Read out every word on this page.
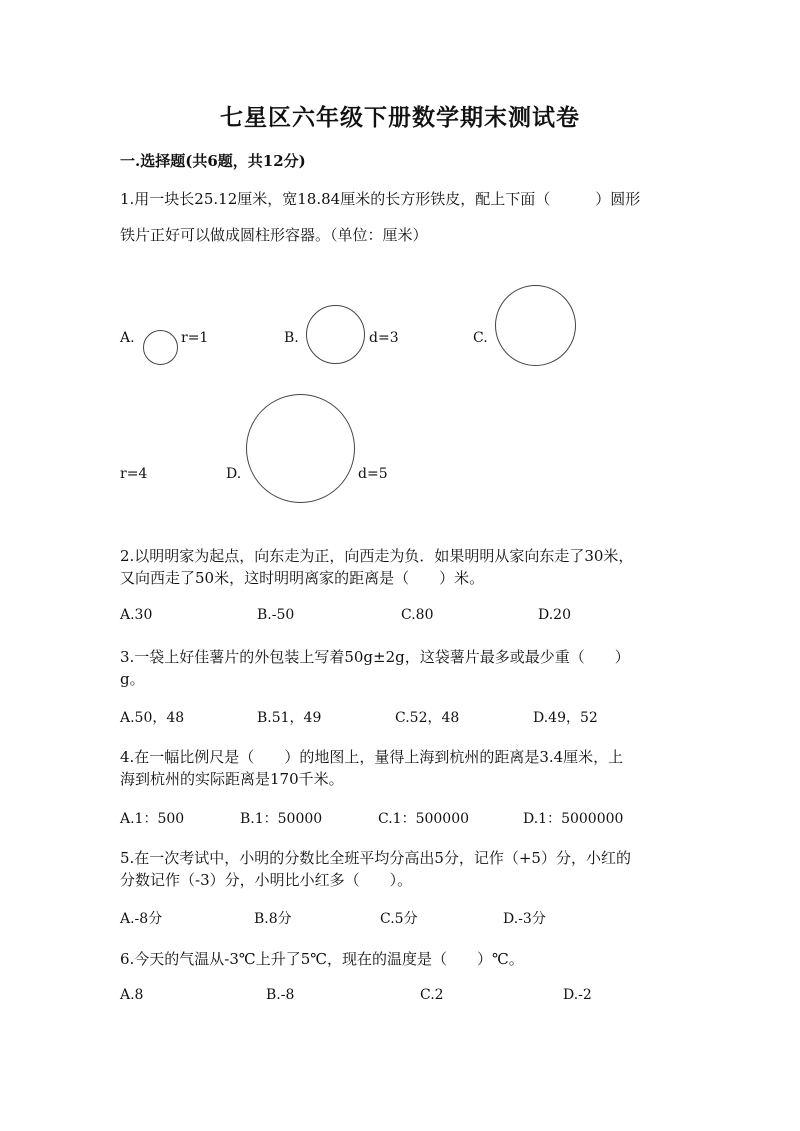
七星区六年级下册数学期末测试卷
一.选择题(共6题，共12分)
1.用一块长25.12厘米，宽18.84厘米的长方形铁皮，配上下面（　　　）圆形
铁片正好可以做成圆柱形容器。（单位：厘米）
A.	r=1	B.	d=3	C.
r=4	D.	d=5
2.以明明家为起点，向东走为正，向西走为负．如果明明从家向东走了30米，
又向西走了50米，这时明明离家的距离是（　　）米。
A.30	B.-50	C.80	D.20
3.一袋上好佳薯片的外包装上写着50g±2g，这袋薯片最多或最少重（　　）
g。
A.50，48	B.51，49	C.52，48	D.49，52
4.在一幅比例尺是（　　）的地图上，量得上海到杭州的距离是3.4厘米，上
海到杭州的实际距离是170千米。
A.1：500	B.1：50000	C.1：500000	D.1：5000000
5.在一次考试中，小明的分数比全班平均分高出5分，记作（+5）分，小红的
分数记作（-3）分，小明比小红多（　　）。
A.-8分	B.8分	C.5分	D.-3分
6.今天的气温从-3℃上升了5℃，现在的温度是（　　）℃。
A.8	B.-8	C.2	D.-2
